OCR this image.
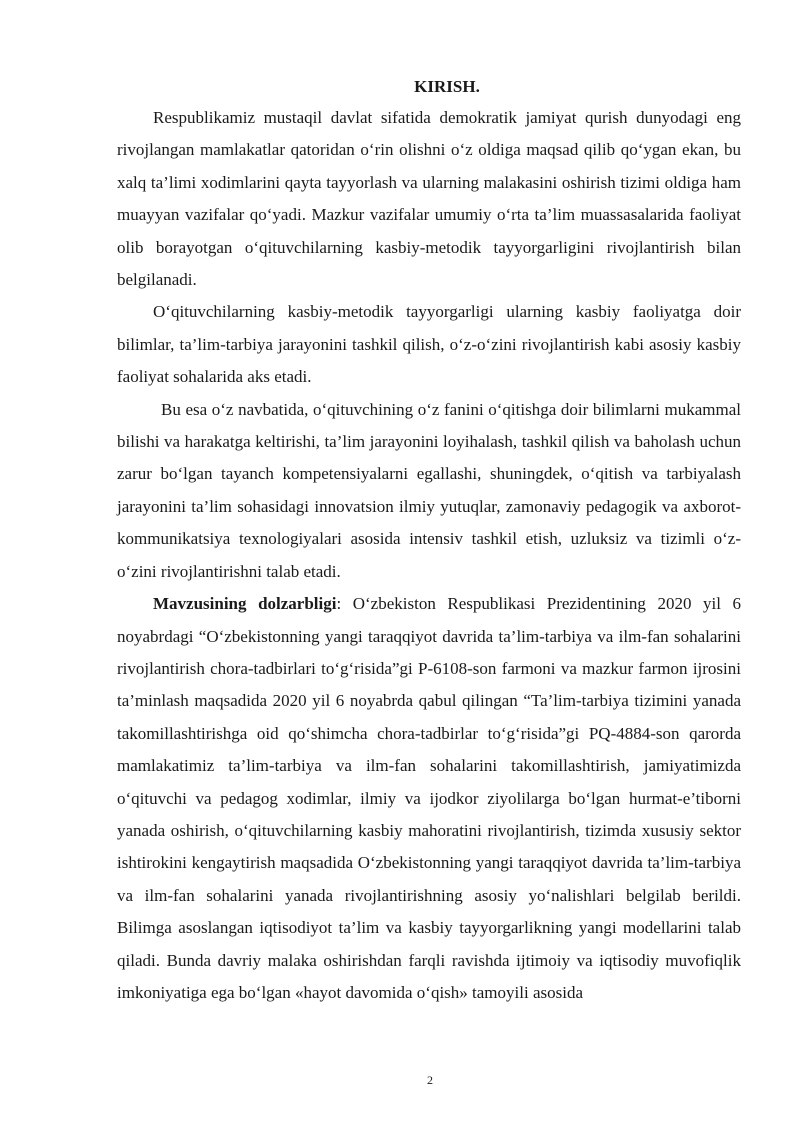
KIRISH.

Respublikamiz mustaqil davlat sifatida demokratik jamiyat qurish dunyodagi eng rivojlangan mamlakatlar qatoridan o‘rin olishni o‘z oldiga maqsad qilib qo‘ygan ekan, bu xalq ta’limi xodimlarini qayta tayyorlash va ularning malakasini oshirish tizimi oldiga ham muayyan vazifalar qo‘yadi. Mazkur vazifalar umumiy o‘rta ta’lim muassasalarida faoliyat olib borayotgan o‘qituvchilarning kasbiy-metodik tayyorgarligini rivojlantirish bilan belgilanadi.

O‘qituvchilarning kasbiy-metodik tayyorgarligi ularning kasbiy faoliyatga doir bilimlar, ta’lim-tarbiya jarayonini tashkil qilish, o‘z-o‘zini rivojlantirish kabi asosiy kasbiy faoliyat sohalarida aks etadi.

Bu esa o‘z navbatida, o‘qituvchining o‘z fanini o‘qitishga doir bilimlarni mukammal bilishi va harakatga keltirishi, ta’lim jarayonini loyihalash, tashkil qilish va baholash uchun zarur bo‘lgan tayanch kompetensiyalarni egallashi, shuningdek, o‘qitish va tarbiyalash jarayonini ta’lim sohasidagi innovatsion ilmiy yutuqlar, zamonaviy pedagogik va axborot-kommunikatsiya texnologiyalari asosida intensiv tashkil etish, uzluksiz va tizimli o‘z-o‘zini rivojlantirishni talab etadi.

Mavzusining dolzarbligi: O‘zbekiston Respublikasi Prezidentining 2020 yil 6 noyabrdagi “O‘zbekistonning yangi taraqqiyot davrida ta’lim-tarbiya va ilm-fan sohalarini rivojlantirish chora-tadbirlari to‘g‘risida”gi P-6108-son farmoni va mazkur farmon ijrosini ta’minlash maqsadida 2020 yil 6 noyabrda qabul qilingan “Ta’lim-tarbiya tizimini yanada takomillashtirishga oid qo‘shimcha chora-tadbirlar to‘g‘risida”gi PQ-4884-son qarorda mamlakatimiz ta’lim-tarbiya va ilm-fan sohalarini takomillashtirish, jamiyatimizda o‘qituvchi va pedagog xodimlar, ilmiy va ijodkor ziyolilarga bo‘lgan hurmat-e’tiborni yanada oshirish, o‘qituvchilarning kasbiy mahoratini rivojlantirish, tizimda xususiy sektor ishtirokini kengaytirish maqsadida O‘zbekistonning yangi taraqqiyot davrida ta’lim-tarbiya va ilm-fan sohalarini yanada rivojlantirishning asosiy yo‘nalishlari belgilab berildi. Bilimga asoslangan iqtisodiyot ta’lim va kasbiy tayyorgarlikning yangi modellarini talab qiladi. Bunda davriy malaka oshirishdan farqli ravishda ijtimoiy va iqtisodiy muvofiqlik imkoniyatiga ega bo‘lgan «hayot davomida o‘qish» tamoyili asosida

2
